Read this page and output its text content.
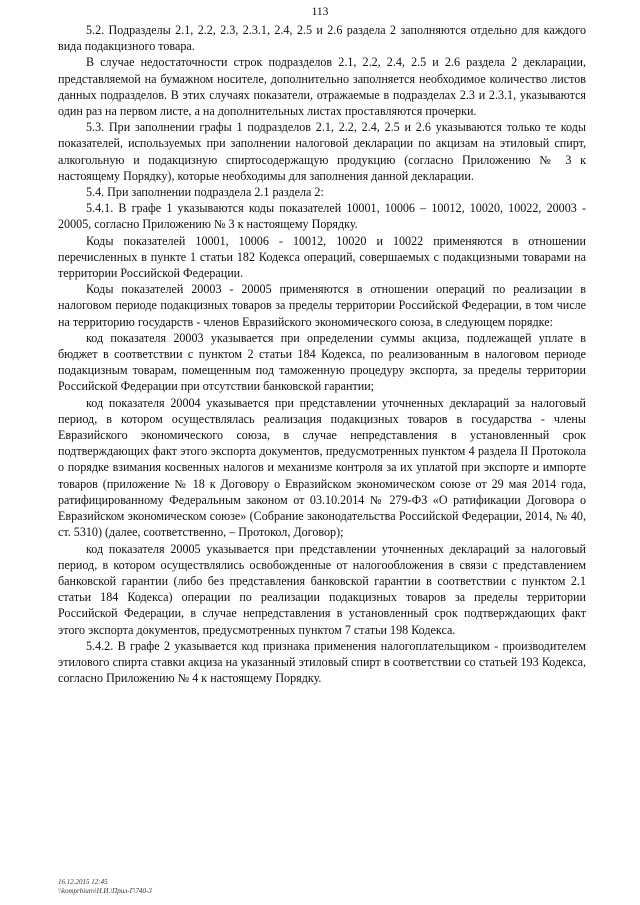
113

5.2. Подразделы 2.1, 2.2, 2.3, 2.3.1, 2.4, 2.5 и 2.6 раздела 2 заполняются отдельно для каждого вида подакцизного товара.

В случае недостаточности строк подразделов 2.1, 2.2, 2.4, 2.5 и 2.6 раздела 2 декларации, представляемой на бумажном носителе, дополнительно заполняется необходимое количество листов данных подразделов. В этих случаях показатели, отражаемые в подразделах 2.3 и 2.3.1, указываются один раз на первом листе, а на дополнительных листах проставляются прочерки.

5.3. При заполнении графы 1 подразделов 2.1, 2.2, 2.4, 2.5 и 2.6 указываются только те коды показателей, используемых при заполнении налоговой декларации по акцизам на этиловый спирт, алкогольную и подакцизную спиртосодержащую продукцию (согласно Приложению № 3 к настоящему Порядку), которые необходимы для заполнения данной декларации.

5.4. При заполнении подраздела 2.1 раздела 2:

5.4.1. В графе 1 указываются коды показателей 10001, 10006 – 10012, 10020, 10022, 20003 - 20005, согласно Приложению № 3 к настоящему Порядку.

Коды показателей 10001, 10006 - 10012, 10020 и 10022 применяются в отношении перечисленных в пункте 1 статьи 182 Кодекса операций, совершаемых с подакцизными товарами на территории Российской Федерации.

Коды показателей 20003 - 20005 применяются в отношении операций по реализации в налоговом периоде подакцизных товаров за пределы территории Российской Федерации, в том числе на территорию государств - членов Евразийского экономического союза, в следующем порядке:

код показателя 20003 указывается при определении суммы акциза, подлежащей уплате в бюджет в соответствии с пунктом 2 статьи 184 Кодекса, по реализованным в налоговом периоде подакцизным товарам, помещенным под таможенную процедуру экспорта, за пределы территории Российской Федерации при отсутствии банковской гарантии;

код показателя 20004 указывается при представлении уточненных деклараций за налоговый период, в котором осуществлялась реализация подакцизных товаров в государства - члены Евразийского экономического союза, в случае непредставления в установленный срок подтверждающих факт этого экспорта документов, предусмотренных пунктом 4 раздела II Протокола о порядке взимания косвенных налогов и механизме контроля за их уплатой при экспорте и импорте товаров (приложение № 18 к Договору о Евразийском экономическом союзе от 29 мая 2014 года, ратифицированному Федеральным законом от 03.10.2014 № 279-ФЗ «О ратификации Договора о Евразийском экономическом союзе» (Собрание законодательства Российской Федерации, 2014, № 40, ст. 5310) (далее, соответственно, – Протокол, Договор);

код показателя 20005 указывается при представлении уточненных деклараций за налоговый период, в котором осуществлялись освобожденные от налогообложения в связи с представлением банковской гарантии (либо без представления банковской гарантии в соответствии с пунктом 2.1 статьи 184 Кодекса) операции по реализации подакцизных товаров за пределы территории Российской Федерации, в случае непредставления в установленный срок подтверждающих факт этого экспорта документов, предусмотренных пунктом 7 статьи 198 Кодекса.

5.4.2. В графе 2 указывается код признака применения налогоплательщиком - производителем этилового спирта ставки акциза на указанный этиловый спирт в соответствии со статьей 193 Кодекса, согласно Приложению № 4 к настоящему Порядку.

16.12.2015 12:45
\\komprbiuro\Н.И.\Прил-Г\740-3
